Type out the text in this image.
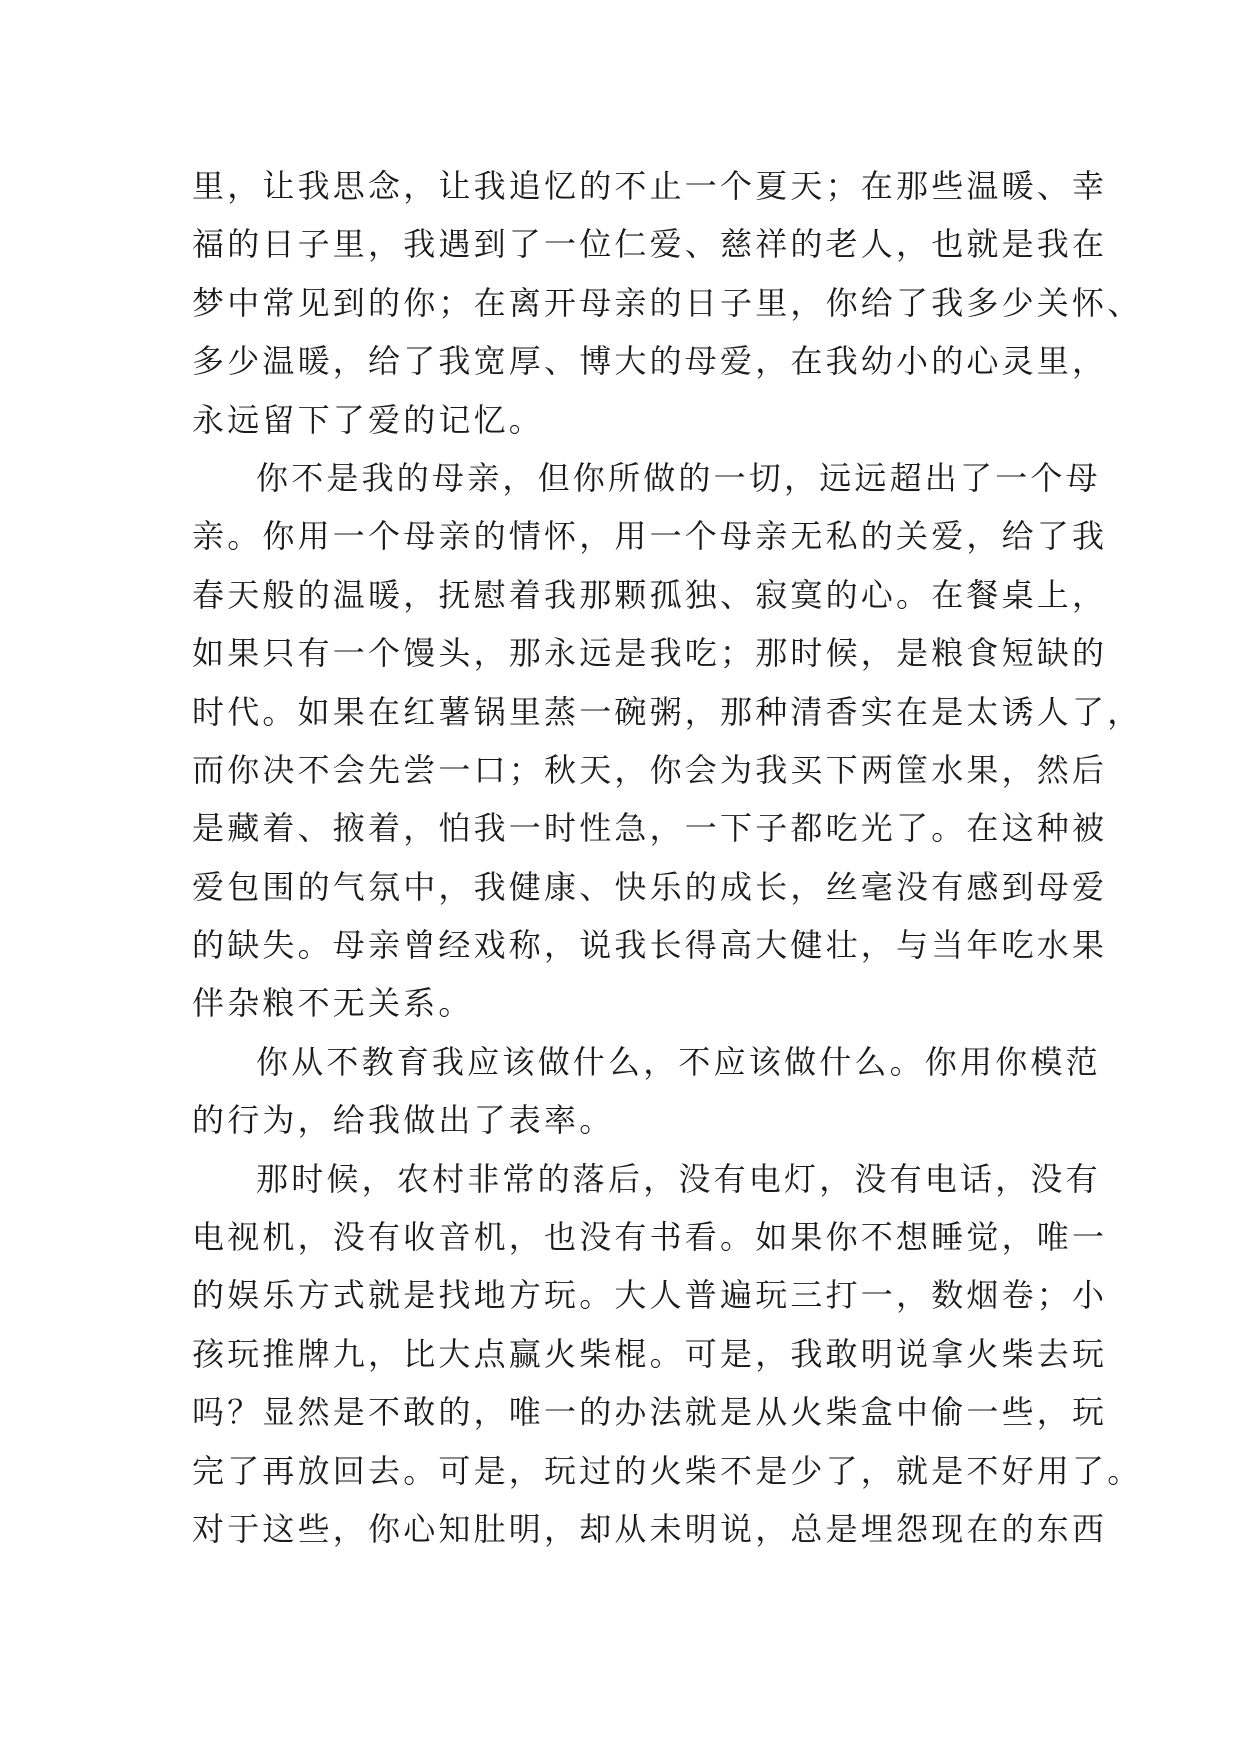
里，让我思念，让我追忆的不止一个夏天；在那些温暖、幸
福的日子里，我遇到了一位仁爱、慈祥的老人，也就是我在
梦中常见到的你；在离开母亲的日子里，你给了我多少关怀、
多少温暖，给了我宽厚、博大的母爱，在我幼小的心灵里，
永远留下了爱的记忆。
你不是我的母亲，但你所做的一切，远远超出了一个母
亲。你用一个母亲的情怀，用一个母亲无私的关爱，给了我
春天般的温暖，抚慰着我那颗孤独、寂寞的心。在餐桌上，
如果只有一个馒头，那永远是我吃；那时候，是粮食短缺的
时代。如果在红薯锅里蒸一碗粥，那种清香实在是太诱人了，
而你决不会先尝一口；秋天，你会为我买下两筐水果，然后
是藏着、掖着，怕我一时性急，一下子都吃光了。在这种被
爱包围的气氛中，我健康、快乐的成长，丝毫没有感到母爱
的缺失。母亲曾经戏称，说我长得高大健壮，与当年吃水果
伴杂粮不无关系。
你从不教育我应该做什么，不应该做什么。你用你模范
的行为，给我做出了表率。
那时候，农村非常的落后，没有电灯，没有电话，没有
电视机，没有收音机，也没有书看。如果你不想睡觉，唯一
的娱乐方式就是找地方玩。大人普遍玩三打一，数烟卷；小
孩玩推牌九，比大点赢火柴棍。可是，我敢明说拿火柴去玩
吗？显然是不敢的，唯一的办法就是从火柴盒中偷一些，玩
完了再放回去。可是，玩过的火柴不是少了，就是不好用了。
对于这些，你心知肚明，却从未明说，总是埋怨现在的东西
